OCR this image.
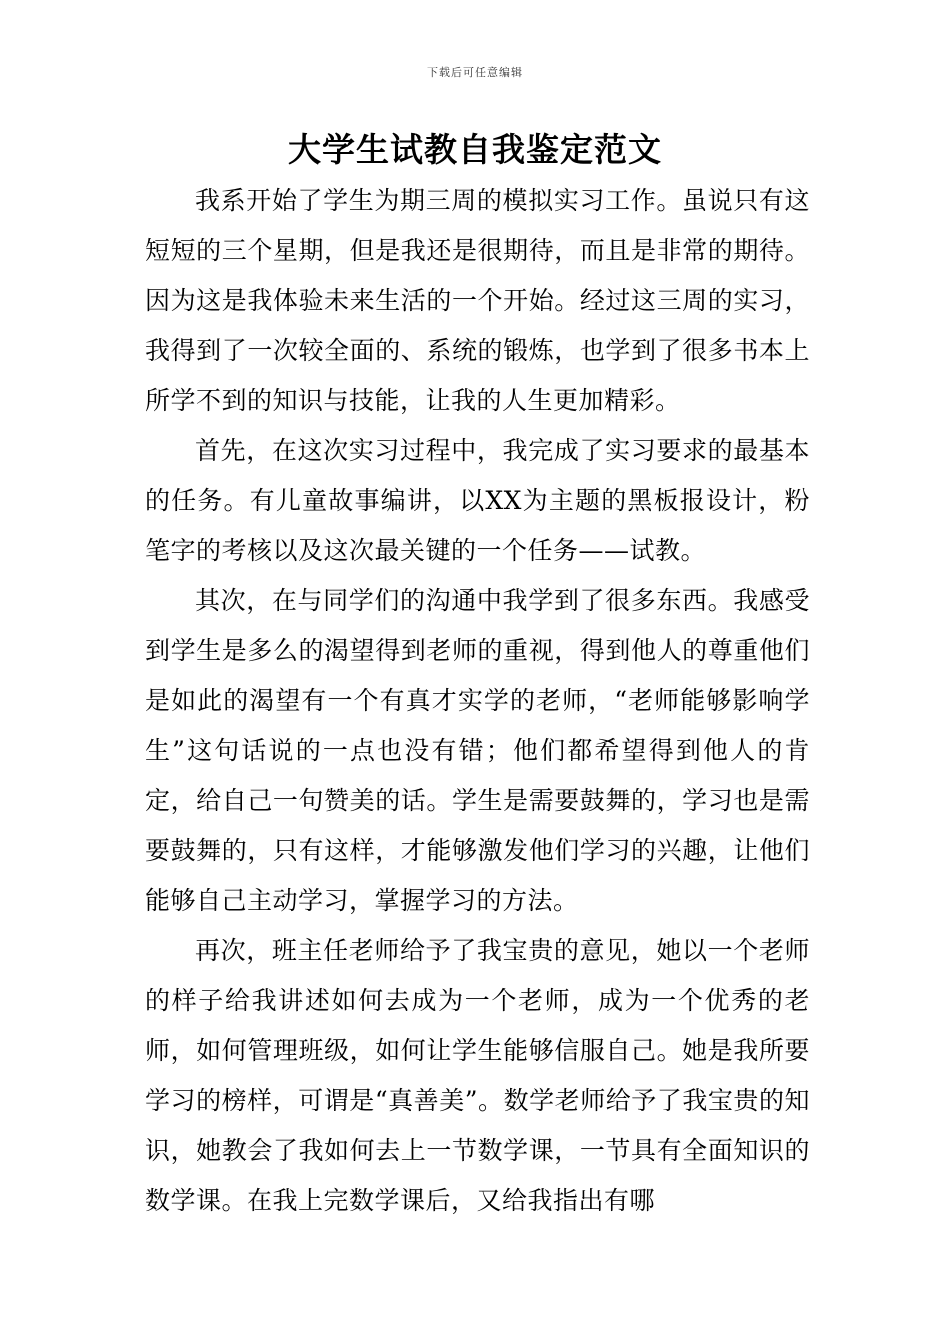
下载后可任意编辑
大学生试教自我鉴定范文

我系开始了学生为期三周的模拟实习工作。虽说只有这短短的三个星期，但是我还是很期待，而且是非常的期待。因为这是我体验未来生活的一个开始。经过这三周的实习，我得到了一次较全面的、系统的锻炼，也学到了很多书本上所学不到的知识与技能，让我的人生更加精彩。

首先，在这次实习过程中，我完成了实习要求的最基本的任务。有儿童故事编讲，以XX为主题的黑板报设计，粉笔字的考核以及这次最关键的一个任务——试教。

其次，在与同学们的沟通中我学到了很多东西。我感受到学生是多么的渴望得到老师的重视，得到他人的尊重他们是如此的渴望有一个有真才实学的老师，“老师能够影响学生”这句话说的一点也没有错；他们都希望得到他人的肯定，给自己一句赞美的话。学生是需要鼓舞的，学习也是需要鼓舞的，只有这样，才能够激发他们学习的兴趣，让他们能够自己主动学习，掌握学习的方法。

再次，班主任老师给予了我宝贵的意见，她以一个老师的样子给我讲述如何去成为一个老师，成为一个优秀的老师，如何管理班级，如何让学生能够信服自己。她是我所要学习的榜样，可谓是“真善美”。数学老师给予了我宝贵的知识，她教会了我如何去上一节数学课，一节具有全面知识的数学课。在我上完数学课后，又给我指出有哪
